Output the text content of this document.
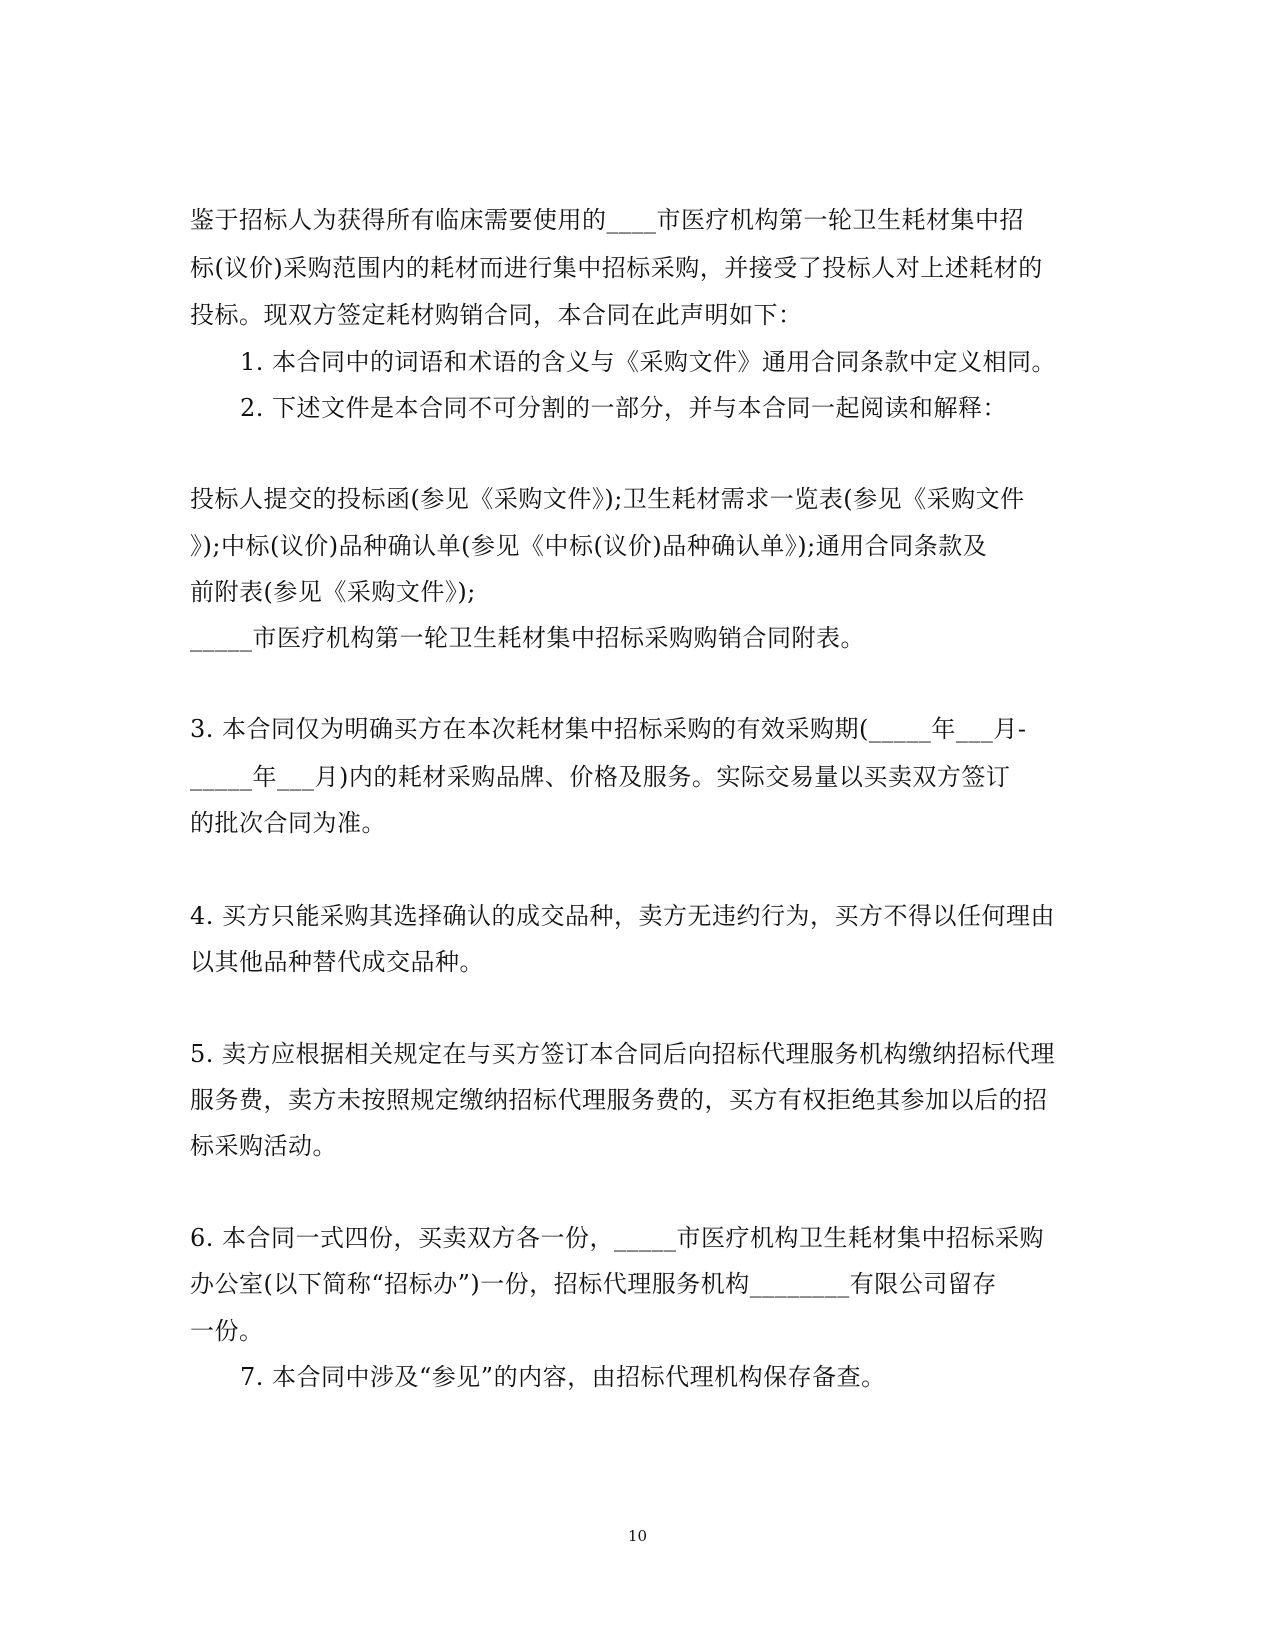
鉴于招标人为获得所有临床需要使用的____市医疗机构第一轮卫生耗材集中招
标(议价)采购范围内的耗材而进行集中招标采购，并接受了投标人对上述耗材的
投标。现双方签定耗材购销合同，本合同在此声明如下：
1. 本合同中的词语和术语的含义与《采购文件》通用合同条款中定义相同。
2. 下述文件是本合同不可分割的一部分，并与本合同一起阅读和解释：
投标人提交的投标函(参见《采购文件》);卫生耗材需求一览表(参见《采购文件
》);中标(议价)品种确认单(参见《中标(议价)品种确认单》);通用合同条款及
前附表(参见《采购文件》);
_____市医疗机构第一轮卫生耗材集中招标采购购销合同附表。
3. 本合同仅为明确买方在本次耗材集中招标采购的有效采购期(_____年___月-
_____年___月)内的耗材采购品牌、价格及服务。实际交易量以买卖双方签订
的批次合同为准。
4. 买方只能采购其选择确认的成交品种，卖方无违约行为，买方不得以任何理由
以其他品种替代成交品种。
5. 卖方应根据相关规定在与买方签订本合同后向招标代理服务机构缴纳招标代理
服务费，卖方未按照规定缴纳招标代理服务费的，买方有权拒绝其参加以后的招
标采购活动。
6. 本合同一式四份，买卖双方各一份，_____市医疗机构卫生耗材集中招标采购
办公室(以下简称“招标办”)一份，招标代理服务机构________有限公司留存
一份。
7. 本合同中涉及“参见”的内容，由招标代理机构保存备查。
10
